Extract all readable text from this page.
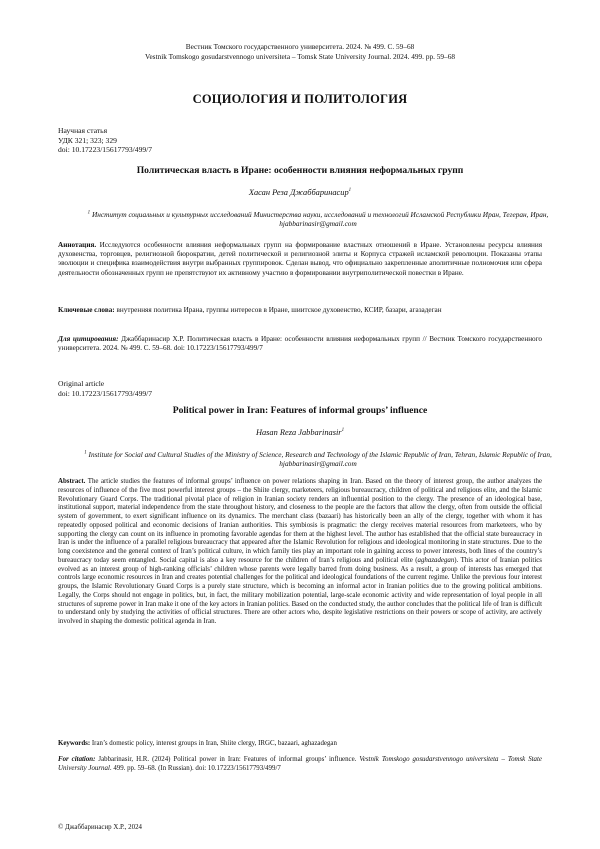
Вестник Томского государственного университета. 2024. № 499. С. 59–68
Vestnik Tomskogo gosudarstvennogo universiteta – Tomsk State University Journal. 2024. 499. pp. 59–68
СОЦИОЛОГИЯ И ПОЛИТОЛОГИЯ
Научная статья
УДК 321; 323; 329
doi: 10.17223/15617793/499/7
Политическая власть в Иране: особенности влияния неформальных групп
Хасан Реза Джаббаринасир$^1$
$^1$ Институт социальных и культурных исследований Министерства науки, исследований и технологий Исламской Республики Иран, Тегеран, Иран, hjabbarinasir@gmail.com
Аннотация. Исследуются особенности влияния неформальных групп на формирование властных отношений в Иране. Установлены ресурсы влияния духовенства, торговцев, религиозной бюрократии, детей политической и религиозной элиты и Корпуса стражей исламской революции. Показаны этапы эволюции и специфика взаимодействия внутри выбранных группировок. Сделан вывод, что официально закрепленные аполитичные полномочия или сфера деятельности обозначенных групп не препятствуют их активному участию в формировании внутриполитической повестки в Иране.
Ключевые слова: внутренняя политика Ирана, группы интересов в Иране, шиитское духовенство, КСИР, базари, агазадеган
Для цитирования: Джаббаринасир Х.Р. Политическая власть в Иране: особенности влияния неформальных групп // Вестник Томского государственного университета. 2024. № 499. С. 59–68. doi: 10.17223/15617793/499/7
Original article
doi: 10.17223/15617793/499/7
Political power in Iran: Features of informal groups’ influence
Hasan Reza Jabbarinasir$^1$
$^1$ Institute for Social and Cultural Studies of the Ministry of Science, Research and Technology of the Islamic Republic of Iran, Tehran, Islamic Republic of Iran, hjabbarinasir@gmail.com
Abstract. The article studies the features of informal groups’ influence on power relations shaping in Iran. Based on the theory of interest group, the author analyzes the resources of influence of the five most powerful interest groups – the Shiite clergy, marketeers, religious bureaucracy, children of political and religious elite, and the Islamic Revolutionary Guard Corps. The traditional pivotal place of religion in Iranian society renders an influential position to the clergy. The presence of an ideological base, institutional support, material independence from the state throughout history, and closeness to the people are the factors that allow the clergy, often from outside the official system of government, to exert significant influence on its dynamics. The merchant class (bazaari) has historically been an ally of the clergy, together with whom it has repeatedly opposed political and economic decisions of Iranian authorities. This symbiosis is pragmatic: the clergy receives material resources from marketeers, who by supporting the clergy can count on its influence in promoting favorable agendas for them at the highest level. The author has established that the official state bureaucracy in Iran is under the influence of a parallel religious bureaucracy that appeared after the Islamic Revolution for religious and ideological monitoring in state structures. Due to the long coexistence and the general context of Iran’s political culture, in which family ties play an important role in gaining access to power interests, both lines of the country’s bureaucracy today seem entangled. Social capital is also a key resource for the children of Iran’s religious and political elite (aghazadegan). This actor of Iranian politics evolved as an interest group of high-ranking officials’ children whose parents were legally barred from doing business. As a result, a group of interests has emerged that controls large economic resources in Iran and creates potential challenges for the political and ideological foundations of the current regime. Unlike the previous four interest groups, the Islamic Revolutionary Guard Corps is a purely state structure, which is becoming an informal actor in Iranian politics due to the growing political ambitions. Legally, the Corps should not engage in politics, but, in fact, the military mobilization potential, large-scale economic activity and wide representation of loyal people in all structures of supreme power in Iran make it one of the key actors in Iranian politics. Based on the conducted study, the author concludes that the political life of Iran is difficult to understand only by studying the activities of official structures. There are other actors who, despite legislative restrictions on their powers or scope of activity, are actively involved in shaping the domestic political agenda in Iran.
Keywords: Iran’s domestic policy, interest groups in Iran, Shiite clergy, IRGC, bazaari, aghazadegan
For citation: Jabbarinasir, H.R. (2024) Political power in Iran: Features of informal groups’ influence. Vestnik Tomskogo gosudarstvennogo universiteta – Tomsk State University Journal. 499. pp. 59–68. (In Russian). doi: 10.17223/15617793/499/7
© Джаббаринасир Х.Р., 2024
